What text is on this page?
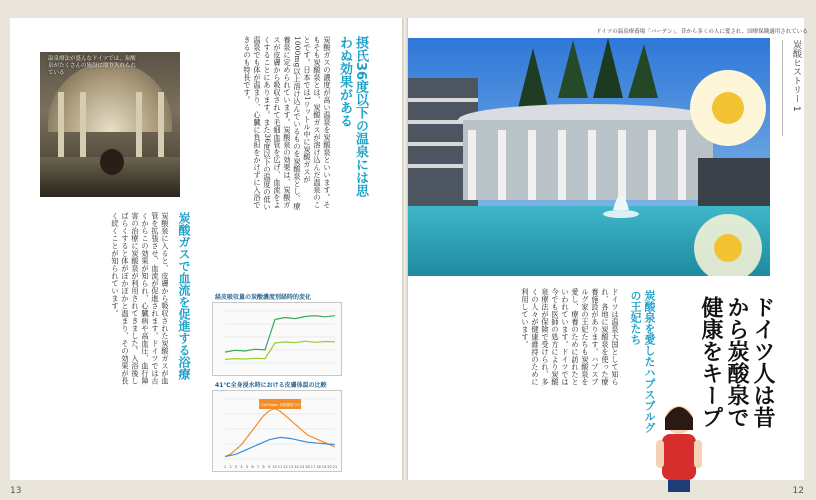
温泉療法が盛んなドイツでは、炭酸泉がたくさんの施設に取り入れられている	摂氏36度以下の温泉には思わぬ効果がある
炭酸ガスの濃度が高い温泉を炭酸泉といいます。そもそも炭酸泉とは、炭酸ガスが溶け込んだ温泉のことです。日本では1リットル中に炭酸ガスが1000mg以上溶け込んでいるものを炭酸泉とし、療養泉に定められています。炭酸泉の効果は、炭酸ガスが皮膚から吸収されて毛細血管を広げ、血流をよくすることにあります。また36度以下の温度の低い温泉でも体が温まり、心臓に負担をかけずに入浴できるのも特長です。
炭酸ガスで血流を促進する浴療
炭酸泉に入ると、皮膚から吸収された炭酸ガスが血管を拡張させ、血流が促進されます。ドイツでは古くからこの効果が知られ、心臓病や高血圧、血行障害の治療に炭酸泉が利用されてきました。入浴後しばらくすると体がぽかぽかと温まり、その効果が長く続くことが知られています。	経皮吸収量の炭酸濃度別経時的変化
41℃全身浸水時における皮膚体温の比較
1 2 3 4 5 6 7 8 9 10 11 12 13 14 15 16 17 18 19 20 21
41℃ 1000ppm 炭酸濃度での効果
ドイツの温泉療養場「バーデン」。昔から多くの人に愛され、国療保険適用されている
炭酸ヒストリー 1
ドイツ人は昔から炭酸泉で健康をキープ
炭酸泉を愛したハプスブルグの王妃たち
ドイツは温泉大国として知られ、各地に炭酸泉を使った療養施設があります。ハプスブルグ家の王妃たちも炭酸泉を愛し、療養のために訪れたといわれています。ドイツでは今でも医師の処方により炭酸泉療法が保険で受けられ、多くの人々が健康維持のために利用しています。
13	12
